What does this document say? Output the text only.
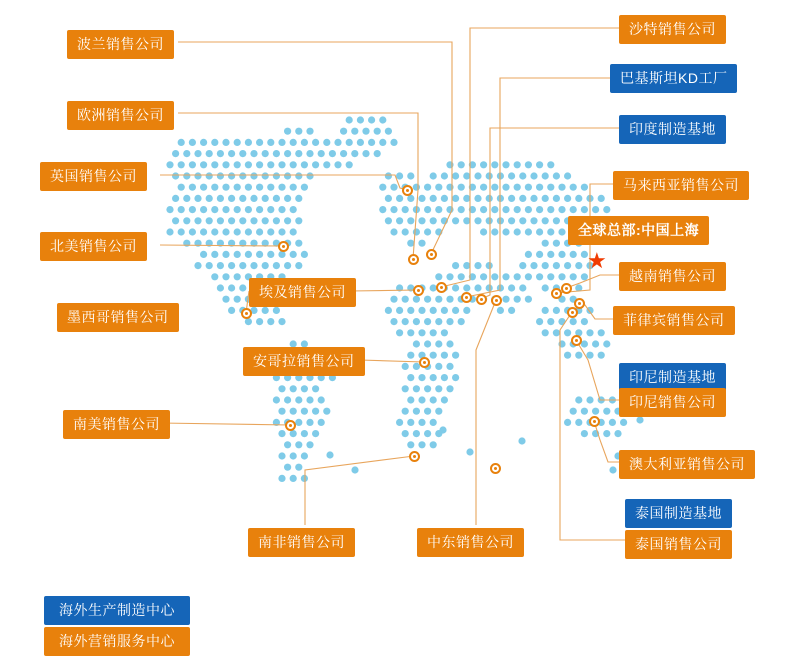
波兰销售公司
欧洲销售公司
英国销售公司
北美销售公司
埃及销售公司
墨西哥销售公司
安哥拉销售公司
南美销售公司
南非销售公司	中东销售公司
沙特销售公司
巴基斯坦KD工厂
印度制造基地
马来西亚销售公司
全球总部:中国上海
越南销售公司
菲律宾销售公司
印尼制造基地
印尼销售公司
澳大利亚销售公司
泰国制造基地
泰国销售公司
★
海外生产制造中心
海外营销服务中心
